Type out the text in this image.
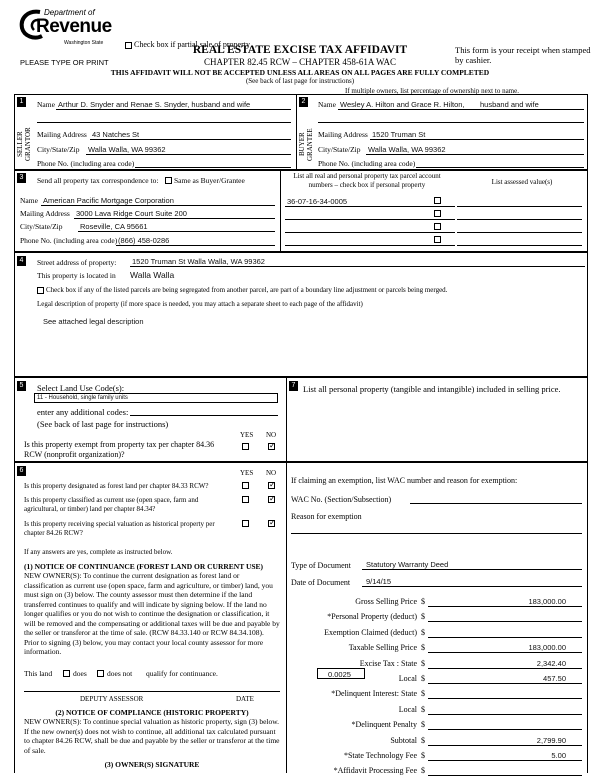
Department of
Revenue
Washington State
PLEASE TYPE OR PRINT
Check box if partial sale of property
REAL ESTATE EXCISE TAX AFFIDAVIT
CHAPTER 82.45 RCW – CHAPTER 458-61A WAC
This form is your receipt when stamped by cashier.
THIS AFFIDAVIT WILL NOT BE ACCEPTED UNLESS ALL AREAS ON ALL PAGES ARE FULLY COMPLETED
(See back of last page for instructions)
If multiple owners, list percentage of ownership next to name.
1
SELLER GRANTOR
Name Arthur D. Snyder and Renae S. Snyder, husband and wife
Mailing Address 43 Natches St
City/State/Zip Walla Walla, WA 99362
Phone No. (including area code)
2
BUYER GRANTEE
Name Wesley A. Hilton and Grace R. Hilton, husband and wife
Mailing Address 1520 Truman St
City/State/Zip Walla Walla, WA 99362
Phone No. (including area code)
3	Send all property tax correspondence to: Same as Buyer/Grantee
Name American Pacific Mortgage Corporation
Mailing Address 3000 Lava Ridge Court Suite 200
City/State/Zip Roseville, CA 95661
Phone No. (including area code) (866) 458-0286
List all real and personal property tax parcel account numbers – check box if personal property	List assessed value(s)
36-07-16-34-0005
4	Street address of property: 1520 Truman St Walla Walla, WA 99362
This property is located in Walla Walla
Check box if any of the listed parcels are being segregated from another parcel, are part of a boundary line adjustment or parcels being merged.
Legal description of property (if more space is needed, you may attach a separate sheet to each page of the affidavit)
See attached legal description
5 Select Land Use Code(s):
11 - Household, single family units
enter any additional codes:
(See back of last page for instructions)
YES NO
Is this property exempt from property tax per chapter 84.36 RCW (nonprofit organization)?
✓
7 List all personal property (tangible and intangible) included in selling price.
6	YES NO
Is this property designated as forest land per chapter 84.33 RCW?
✓
Is this property classified as current use (open space, farm and agricultural, or timber) land per chapter 84.34?
✓
Is this property receiving special valuation as historical property per chapter 84.26 RCW?
✓
If any answers are yes, complete as instructed below.
(1) NOTICE OF CONTINUANCE (FOREST LAND OR CURRENT USE)
NEW OWNER(S): To continue the current designation as forest land or classification as current use (open space, farm and agriculture, or timber) land, you must sign on (3) below. The county assessor must then determine if the land transferred continues to qualify and will indicate by signing below. If the land no longer qualifies or you do not wish to continue the designation or classification, it will be removed and the compensating or additional taxes will be due and payable by the seller or transferor at the time of sale. (RCW 84.33.140 or RCW 84.34.108). Prior to signing (3) below, you may contact your local county assessor for more information.
This land	does	does not qualify for continuance.
DEPUTY ASSESSOR	DATE
(2) NOTICE OF COMPLIANCE (HISTORIC PROPERTY)
NEW OWNER(S): To continue special valuation as historic property, sign (3) below. If the new owner(s) does not wish to continue, all additional tax calculated pursuant to chapter 84.26 RCW, shall be due and payable by the seller or transferor at the time of sale.
(3) OWNER(S) SIGNATURE
If claiming an exemption, list WAC number and reason for exemption:
WAC No. (Section/Subsection)
Reason for exemption
Type of Document Statutory Warranty Deed
Date of Document 9/14/15
Gross Selling Price $	183,000.00
*Personal Property (deduct) $
Exemption Claimed (deduct) $
Taxable Selling Price $	183,000.00
Excise Tax : State $	2,342.40
Local $	457.50
*Delinquent Interest: State $
Local $
*Delinquent Penalty $
Subtotal $	2,799.90
*State Technology Fee $	5.00
*Affidavit Processing Fee $
0.0025
